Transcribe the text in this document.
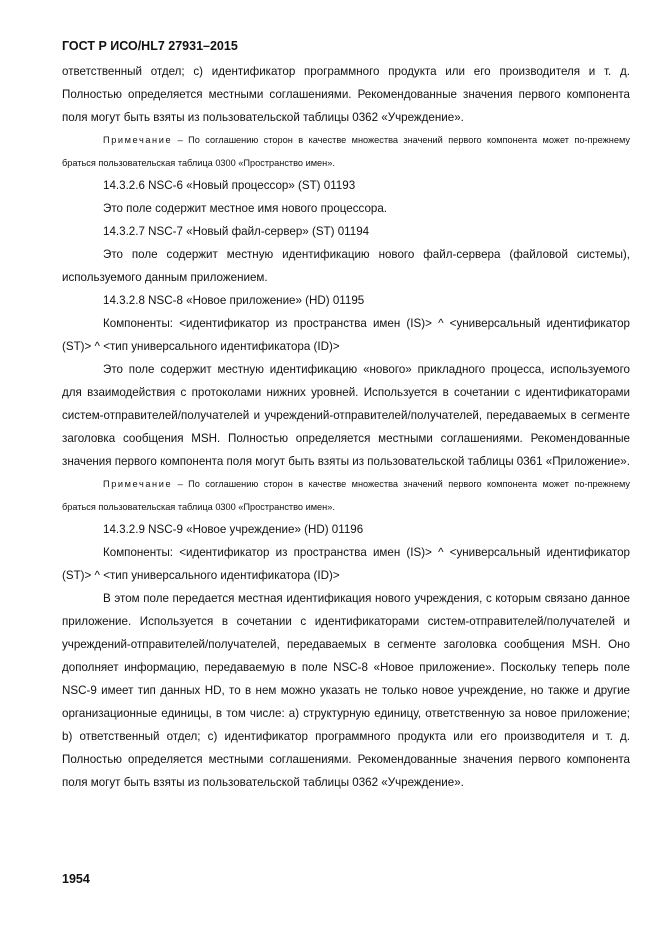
ГОСТ Р ИСО/HL7 27931–2015

ответственный отдел; c) идентификатор программного продукта или его производителя и т. д. Полностью определяется местными соглашениями. Рекомендованные значения первого компонента поля могут быть взяты из пользовательской таблицы 0362 «Учреждение».

Примечание – По соглашению сторон в качестве множества значений первого компонента может по-прежнему браться пользовательская таблица 0300 «Пространство имен».

14.3.2.6 NSC-6 «Новый процессор» (ST) 01193

Это поле содержит местное имя нового процессора.

14.3.2.7 NSC-7 «Новый файл-сервер» (ST) 01194

Это поле содержит местную идентификацию нового файл-сервера (файловой системы), используемого данным приложением.

14.3.2.8 NSC-8 «Новое приложение» (HD) 01195

Компоненты: <идентификатор из пространства имен (IS)> ^ <универсальный идентификатор (ST)> ^ <тип универсального идентификатора (ID)>

Это поле содержит местную идентификацию «нового» прикладного процесса, используемого для взаимодействия с протоколами нижних уровней. Используется в сочетании с идентификаторами систем-отправителей/получателей и учреждений-отправителей/получателей, передаваемых в сегменте заголовка сообщения MSH. Полностью определяется местными соглашениями. Рекомендованные значения первого компонента поля могут быть взяты из пользовательской таблицы 0361 «Приложение».

Примечание – По соглашению сторон в качестве множества значений первого компонента может по-прежнему браться пользовательская таблица 0300 «Пространство имен».

14.3.2.9 NSC-9 «Новое учреждение» (HD) 01196

Компоненты: <идентификатор из пространства имен (IS)> ^ <универсальный идентификатор (ST)> ^ <тип универсального идентификатора (ID)>

В этом поле передается местная идентификация нового учреждения, с которым связано данное приложение. Используется в сочетании с идентификаторами систем-отправителей/получателей и учреждений-отправителей/получателей, передаваемых в сегменте заголовка сообщения MSH. Оно дополняет информацию, передаваемую в поле NSC-8 «Новое приложение». Поскольку теперь поле NSC-9 имеет тип данных HD, то в нем можно указать не только новое учреждение, но также и другие организационные единицы, в том числе: a) структурную единицу, ответственную за новое приложение; b) ответственный отдел; c) идентификатор программного продукта или его производителя и т. д. Полностью определяется местными соглашениями. Рекомендованные значения первого компонента поля могут быть взяты из пользовательской таблицы 0362 «Учреждение».

1954
